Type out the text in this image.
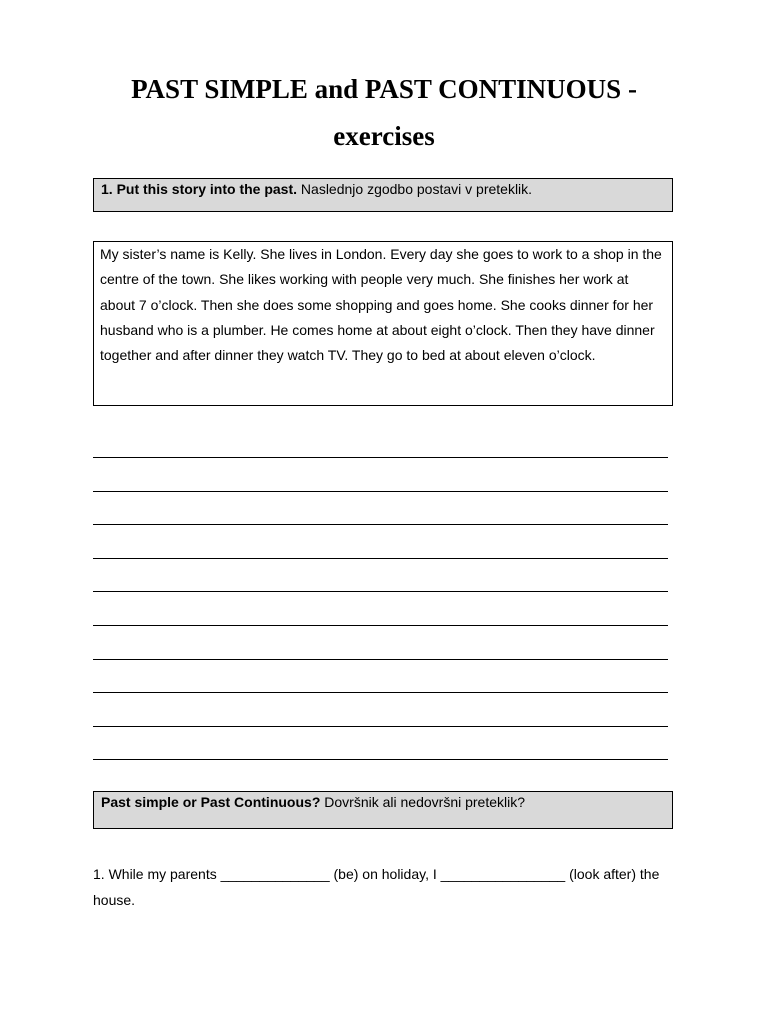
PAST SIMPLE and PAST CONTINUOUS -
exercises
1. Put this story into the past. Naslednjo zgodbo postavi v preteklik.
My sister’s name is Kelly. She lives in London. Every day she goes to work to a shop in the centre of the town. She likes working with people very much. She finishes her work at about 7 o’clock. Then she does some shopping and goes home. She cooks dinner for her husband who is a plumber. He comes home at about eight o’clock. Then they have dinner together and after dinner they watch TV. They go to bed at about eleven o’clock.
Past simple or Past Continuous? Dovršnik ali nedovršni preteklik?

1. While my parents ______________ (be) on holiday, I ________________ (look after) the house.
